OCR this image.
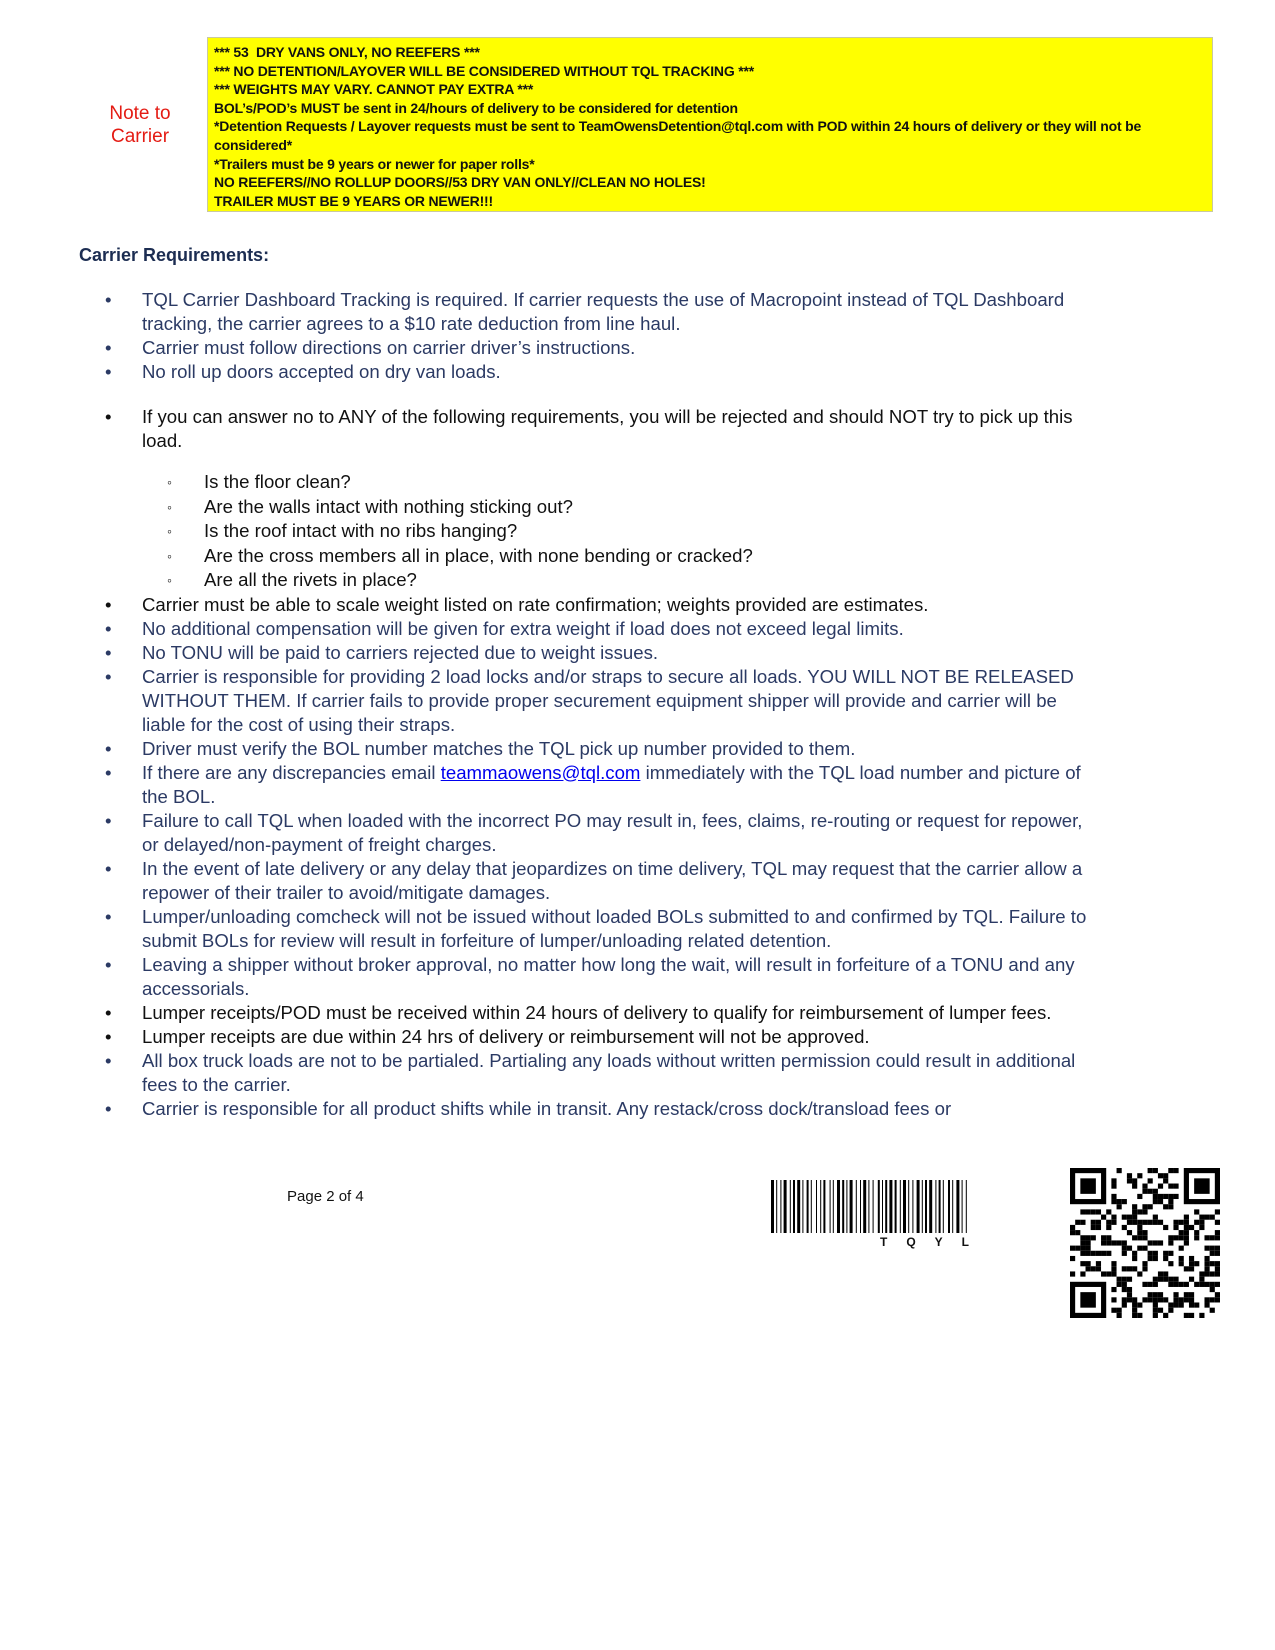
Note to Carrier
*** 53  DRY VANS ONLY, NO REEFERS ***
*** NO DETENTION/LAYOVER WILL BE CONSIDERED WITHOUT TQL TRACKING ***
*** WEIGHTS MAY VARY. CANNOT PAY EXTRA ***
BOL’s/POD’s MUST be sent in 24/hours of delivery to be considered for detention
*Detention Requests / Layover requests must be sent to TeamOwensDetention@tql.com with POD within 24 hours of delivery or they will not be considered*
*Trailers must be 9 years or newer for paper rolls*
NO REEFERS//NO ROLLUP DOORS//53 DRY VAN ONLY//CLEAN NO HOLES!
TRAILER MUST BE 9 YEARS OR NEWER!!!
Carrier Requirements:
• TQL Carrier Dashboard Tracking is required. If carrier requests the use of Macropoint instead of TQL Dashboard tracking, the carrier agrees to a $10 rate deduction from line haul.
• Carrier must follow directions on carrier driver’s instructions.
• No roll up doors accepted on dry van loads.
• If you can answer no to ANY of the following requirements, you will be rejected and should NOT try to pick up this load.
◦ Is the floor clean?
◦ Are the walls intact with nothing sticking out?
◦ Is the roof intact with no ribs hanging?
◦ Are the cross members all in place, with none bending or cracked?
◦ Are all the rivets in place?
• Carrier must be able to scale weight listed on rate confirmation; weights provided are estimates.
• No additional compensation will be given for extra weight if load does not exceed legal limits.
• No TONU will be paid to carriers rejected due to weight issues.
• Carrier is responsible for providing 2 load locks and/or straps to secure all loads. YOU WILL NOT BE RELEASED WITHOUT THEM. If carrier fails to provide proper securement equipment shipper will provide and carrier will be liable for the cost of using their straps.
• Driver must verify the BOL number matches the TQL pick up number provided to them.
• If there are any discrepancies email teammaowens@tql.com immediately with the TQL load number and picture of the BOL.
• Failure to call TQL when loaded with the incorrect PO may result in, fees, claims, re-routing or request for repower, or delayed/non-payment of freight charges.
• In the event of late delivery or any delay that jeopardizes on time delivery, TQL may request that the carrier allow a repower of their trailer to avoid/mitigate damages.
• Lumper/unloading comcheck will not be issued without loaded BOLs submitted to and confirmed by TQL. Failure to submit BOLs for review will result in forfeiture of lumper/unloading related detention.
• Leaving a shipper without broker approval, no matter how long the wait, will result in forfeiture of a TONU and any accessorials.
• Lumper receipts/POD must be received within 24 hours of delivery to qualify for reimbursement of lumper fees.
• Lumper receipts are due within 24 hrs of delivery or reimbursement will not be approved.
• All box truck loads are not to be partialed. Partialing any loads without written permission could result in additional fees to the carrier.
• Carrier is responsible for all product shifts while in transit. Any restack/cross dock/transload fees or
Page 2 of 4
TQYL
